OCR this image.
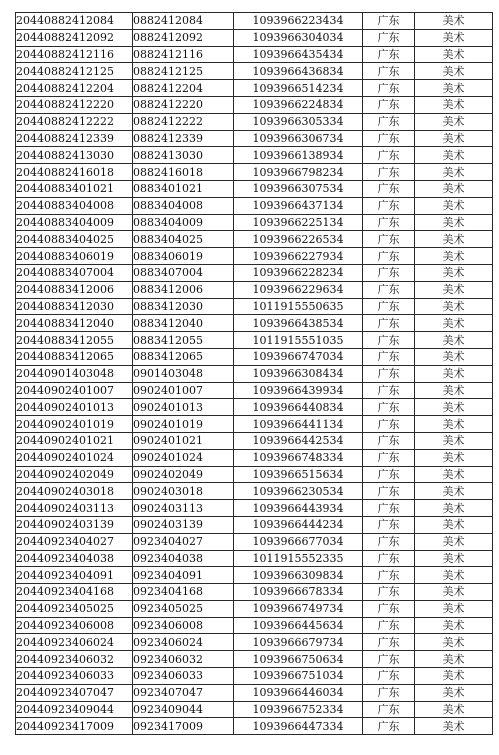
20440882412084	0882412084	1093966223434	广东	美术
20440882412092	0882412092	1093966304034	广东	美术
20440882412116	0882412116	1093966435434	广东	美术
20440882412125	0882412125	1093966436834	广东	美术
20440882412204	0882412204	1093966514234	广东	美术
20440882412220	0882412220	1093966224834	广东	美术
20440882412222	0882412222	1093966305334	广东	美术
20440882412339	0882412339	1093966306734	广东	美术
20440882413030	0882413030	1093966138934	广东	美术
20440882416018	0882416018	1093966798234	广东	美术
20440883401021	0883401021	1093966307534	广东	美术
20440883404008	0883404008	1093966437134	广东	美术
20440883404009	0883404009	1093966225134	广东	美术
20440883404025	0883404025	1093966226534	广东	美术
20440883406019	0883406019	1093966227934	广东	美术
20440883407004	0883407004	1093966228234	广东	美术
20440883412006	0883412006	1093966229634	广东	美术
20440883412030	0883412030	1011915550635	广东	美术
20440883412040	0883412040	1093966438534	广东	美术
20440883412055	0883412055	1011915551035	广东	美术
20440883412065	0883412065	1093966747034	广东	美术
20440901403048	0901403048	1093966308434	广东	美术
20440902401007	0902401007	1093966439934	广东	美术
20440902401013	0902401013	1093966440834	广东	美术
20440902401019	0902401019	1093966441134	广东	美术
20440902401021	0902401021	1093966442534	广东	美术
20440902401024	0902401024	1093966748334	广东	美术
20440902402049	0902402049	1093966515634	广东	美术
20440902403018	0902403018	1093966230534	广东	美术
20440902403113	0902403113	1093966443934	广东	美术
20440902403139	0902403139	1093966444234	广东	美术
20440923404027	0923404027	1093966677034	广东	美术
20440923404038	0923404038	1011915552335	广东	美术
20440923404091	0923404091	1093966309834	广东	美术
20440923404168	0923404168	1093966678334	广东	美术
20440923405025	0923405025	1093966749734	广东	美术
20440923406008	0923406008	1093966445634	广东	美术
20440923406024	0923406024	1093966679734	广东	美术
20440923406032	0923406032	1093966750634	广东	美术
20440923406033	0923406033	1093966751034	广东	美术
20440923407047	0923407047	1093966446034	广东	美术
20440923409044	0923409044	1093966752334	广东	美术
20440923417009	0923417009	1093966447334	广东	美术
